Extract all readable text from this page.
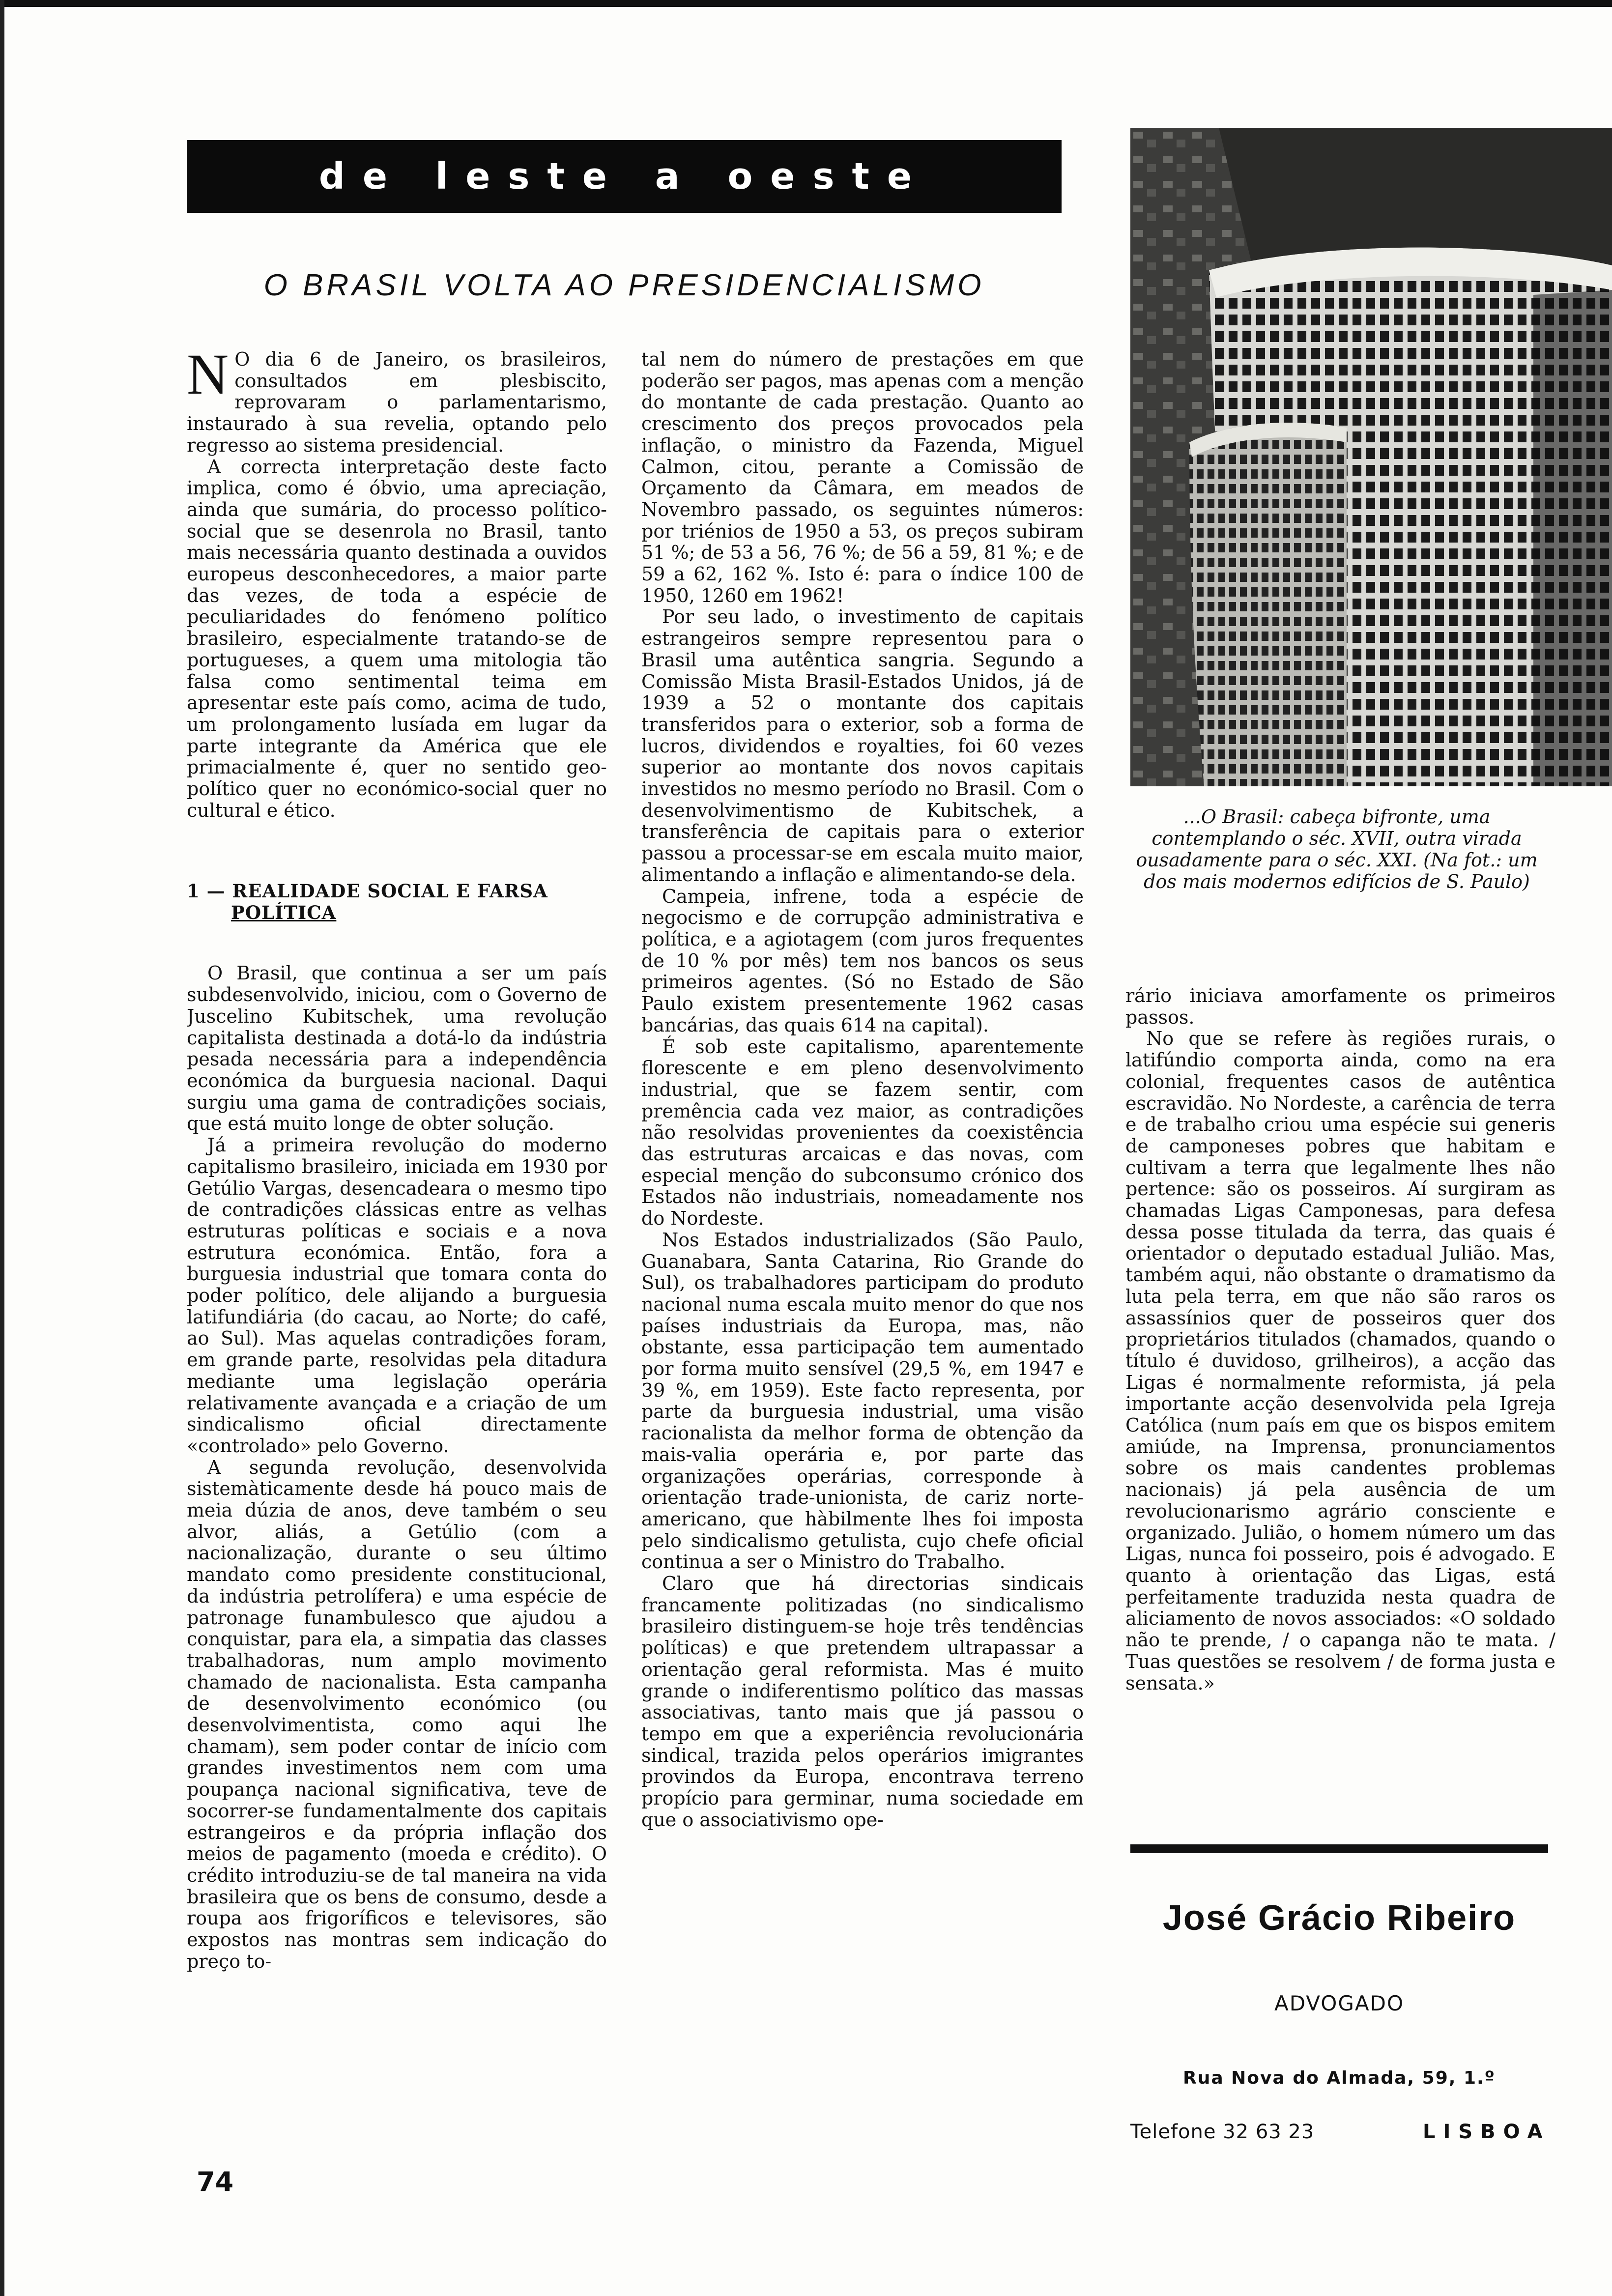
de leste a oeste
O BRASIL VOLTA AO PRESIDENCIALISMO

N O dia 6 de Janeiro, os brasileiros, consultados em plesbiscito, reprovaram o parlamentarismo, instaurado à sua revelia, optando pelo regresso ao sistema presidencial.

A correcta interpretação deste facto implica, como é óbvio, uma apreciação, ainda que sumária, do processo político-social que se desenrola no Brasil, tanto mais necessária quanto destinada a ouvidos europeus desconhecedores, a maior parte das vezes, de toda a espécie de peculiaridades do fenómeno político brasileiro, especialmente tratando-se de portugueses, a quem uma mitologia tão falsa como sentimental teima em apresentar este país como, acima de tudo, um prolongamento lusíada em lugar da parte integrante da América que ele primacialmente é, quer no sentido geo-político quer no económico-social quer no cultural e ético.

1 — REALIDADE SOCIAL E FARSA
POLÍTICA

O Brasil, que continua a ser um país subdesenvolvido, iniciou, com o Governo de Juscelino Kubitschek, uma revolução capitalista destinada a dotá-lo da indústria pesada necessária para a independência económica da burguesia nacional. Daqui surgiu uma gama de contradições sociais, que está muito longe de obter solução.

Já a primeira revolução do moderno capitalismo brasileiro, iniciada em 1930 por Getúlio Vargas, desencadeara o mesmo tipo de contradições clássicas entre as velhas estruturas políticas e sociais e a nova estrutura económica. Então, fora a burguesia industrial que tomara conta do poder político, dele alijando a burguesia latifundiária (do cacau, ao Norte; do café, ao Sul). Mas aquelas contradições foram, em grande parte, resolvidas pela ditadura mediante uma legislação operária relativamente avançada e a criação de um sindicalismo oficial directamente «controlado» pelo Governo.

A segunda revolução, desenvolvida sistemàticamente desde há pouco mais de meia dúzia de anos, deve também o seu alvor, aliás, a Getúlio (com a nacionalização, durante o seu último mandato como presidente constitucional, da indústria petrolífera) e uma espécie de patronage funambulesco que ajudou a conquistar, para ela, a simpatia das classes trabalhadoras, num amplo movimento chamado de nacionalista. Esta campanha de desenvolvimento económico (ou desenvolvimentista, como aqui lhe chamam), sem poder contar de início com grandes investimentos nem com uma poupança nacional significativa, teve de socorrer-se fundamentalmente dos capitais estrangeiros e da própria inflação dos meios de pagamento (moeda e crédito). O crédito introduziu-se de tal maneira na vida brasileira que os bens de consumo, desde a roupa aos frigoríficos e televisores, são expostos nas montras sem indicação do preço to-

tal nem do número de prestações em que poderão ser pagos, mas apenas com a menção do montante de cada prestação. Quanto ao crescimento dos preços provocados pela inflação, o ministro da Fazenda, Miguel Calmon, citou, perante a Comissão de Orçamento da Câmara, em meados de Novembro passado, os seguintes números: por triénios de 1950 a 53, os preços subiram 51 %; de 53 a 56, 76 %; de 56 a 59, 81 %; e de 59 a 62, 162 %. Isto é: para o índice 100 de 1950, 1260 em 1962!

Por seu lado, o investimento de capitais estrangeiros sempre representou para o Brasil uma autêntica sangria. Segundo a Comissão Mista Brasil-Estados Unidos, já de 1939 a 52 o montante dos capitais transferidos para o exterior, sob a forma de lucros, dividendos e royalties, foi 60 vezes superior ao montante dos novos capitais investidos no mesmo período no Brasil. Com o desenvolvimentismo de Kubitschek, a transferência de capitais para o exterior passou a processar-se em escala muito maior, alimentando a inflação e alimentando-se dela.

Campeia, infrene, toda a espécie de negocismo e de corrupção administrativa e política, e a agiotagem (com juros frequentes de 10 % por mês) tem nos bancos os seus primeiros agentes. (Só no Estado de São Paulo existem presentemente 1962 casas bancárias, das quais 614 na capital).

É sob este capitalismo, aparentemente florescente e em pleno desenvolvimento industrial, que se fazem sentir, com premência cada vez maior, as contradições não resolvidas provenientes da coexistência das estruturas arcaicas e das novas, com especial menção do subconsumo crónico dos Estados não industriais, nomeadamente nos do Nordeste.

Nos Estados industrializados (São Paulo, Guanabara, Santa Catarina, Rio Grande do Sul), os trabalhadores participam do produto nacional numa escala muito menor do que nos países industriais da Europa, mas, não obstante, essa participação tem aumentado por forma muito sensível (29,5 %, em 1947 e 39 %, em 1959). Este facto representa, por parte da burguesia industrial, uma visão racionalista da melhor forma de obtenção da mais-valia operária e, por parte das organizações operárias, corresponde à orientação trade-unionista, de cariz norte-americano, que hàbilmente lhes foi imposta pelo sindicalismo getulista, cujo chefe oficial continua a ser o Ministro do Trabalho.

Claro que há directorias sindicais francamente politizadas (no sindicalismo brasileiro distinguem-se hoje três tendências políticas) e que pretendem ultrapassar a orientação geral reformista. Mas é muito grande o indiferentismo político das massas associativas, tanto mais que já passou o tempo em que a experiência revolucionária sindical, trazida pelos operários imigrantes provindos da Europa, encontrava terreno propício para germinar, numa sociedade em que o associativismo ope-

...O Brasil: cabeça bifronte, uma contemplando o séc. XVII, outra virada ousadamente para o séc. XXI. (Na fot.: um dos mais modernos edifícios de S. Paulo)

rário iniciava amorfamente os primeiros passos.

No que se refere às regiões rurais, o latifúndio comporta ainda, como na era colonial, frequentes casos de autêntica escravidão. No Nordeste, a carência de terra e de trabalho criou uma espécie sui generis de camponeses pobres que habitam e cultivam a terra que legalmente lhes não pertence: são os posseiros. Aí surgiram as chamadas Ligas Camponesas, para defesa dessa posse titulada da terra, das quais é orientador o deputado estadual Julião. Mas, também aqui, não obstante o dramatismo da luta pela terra, em que não são raros os assassínios quer de posseiros quer dos proprietários titulados (chamados, quando o título é duvidoso, grilheiros), a acção das Ligas é normalmente reformista, já pela importante acção desenvolvida pela Igreja Católica (num país em que os bispos emitem amiúde, na Imprensa, pronunciamentos sobre os mais candentes problemas nacionais) já pela ausência de um revolucionarismo agrário consciente e organizado. Julião, o homem número um das Ligas, nunca foi posseiro, pois é advogado. E quanto à orientação das Ligas, está perfeitamente traduzida nesta quadra de aliciamento de novos associados: «O soldado não te prende, / o capanga não te mata. / Tuas questões se resolvem / de forma justa e sensata.»

José Grácio Ribeiro
ADVOGADO
Rua Nova do Almada, 59, 1.º
Telefone 32 63 23	LISBOA
74
